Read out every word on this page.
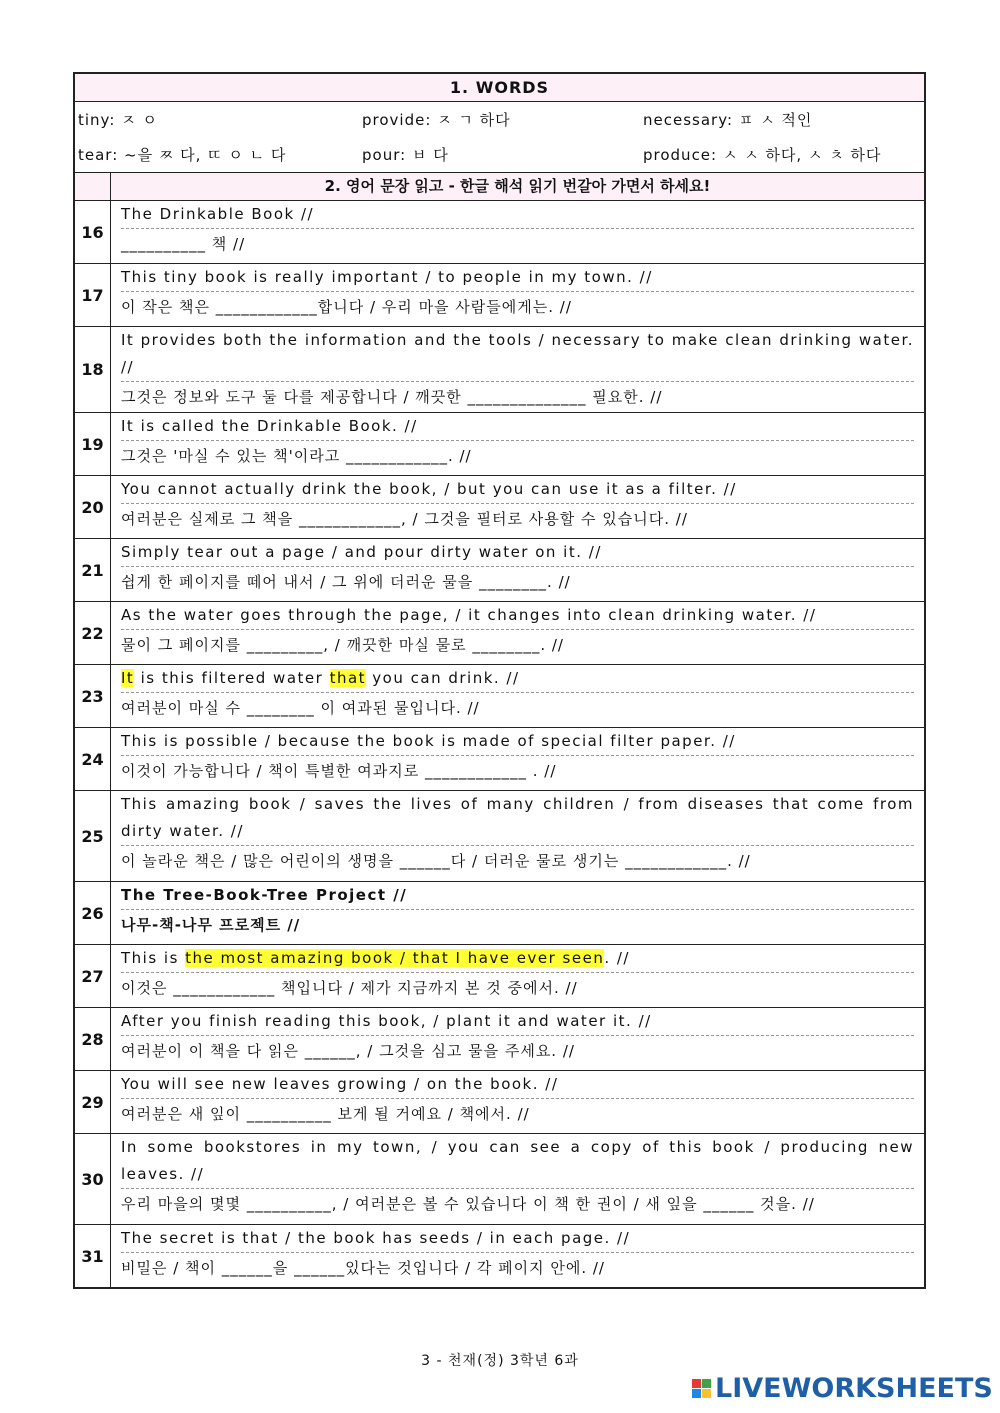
1. WORDS
tiny: ㅈ ㅇ	provide: ㅈ ㄱ 하다	necessary: ㅍ ㅅ 적인
tear: ~을 ㅉ 다, ㄸ ㅇ ㄴ 다	pour: ㅂ 다	produce: ㅅ ㅅ 하다, ㅅ ㅊ 하다
2. 영어 문장 읽고 - 한글 해석 읽기 번갈아 가면서 하세요!
16
The Drinkable Book //
__________ 책 //
17
This tiny book is really important / to people in my town. //
이 작은 책은 ____________합니다 / 우리 마을 사람들에게는. //
18
It provides both the information and the tools / necessary to make clean drinking water. //
그것은 정보와 도구 둘 다를 제공합니다 / 깨끗한 ______________ 필요한. //
19
It is called the Drinkable Book. //
그것은 '마실 수 있는 책'이라고 ____________. //
20
You cannot actually drink the book, / but you can use it as a filter. //
여러분은 실제로 그 책을 ____________, / 그것을 필터로 사용할 수 있습니다. //
21
Simply tear out a page / and pour dirty water on it. //
쉽게 한 페이지를 떼어 내서 / 그 위에 더러운 물을 ________. //
22
As the water goes through the page, / it changes into clean drinking water. //
물이 그 페이지를 _________, / 깨끗한 마실 물로 ________. //
23
It is this filtered water that you can drink. //
여러분이 마실 수 ________ 이 여과된 물입니다. //
24
This is possible / because the book is made of special filter paper. //
이것이 가능합니다 / 책이 특별한 여과지로 ____________ . //
25
This amazing book / saves the lives of many children / from diseases that come from dirty water. //
이 놀라운 책은 / 많은 어린이의 생명을 ______다 / 더러운 물로 생기는 ____________. //
26
The Tree-Book-Tree Project //
나무-책-나무 프로젝트 //
27
This is the most amazing book / that I have ever seen. //
이것은 ____________ 책입니다 / 제가 지금까지 본 것 중에서. //
28
After you finish reading this book, / plant it and water it. //
여러분이 이 책을 다 읽은 ______, / 그것을 심고 물을 주세요. //
29
You will see new leaves growing / on the book. //
여러분은 새 잎이 __________ 보게 될 거예요 / 책에서. //
30
In some bookstores in my town, / you can see a copy of this book / producing new leaves. //
우리 마을의 몇몇 __________, / 여러분은 볼 수 있습니다 이 책 한 권이 / 새 잎을 ______ 것을. //
31
The secret is that / the book has seeds / in each page. //
비밀은 / 책이 ______을 ______있다는 것입니다 / 각 페이지 안에. //
3 - 천재(정) 3학년 6과
LIVEWORKSHEETS
